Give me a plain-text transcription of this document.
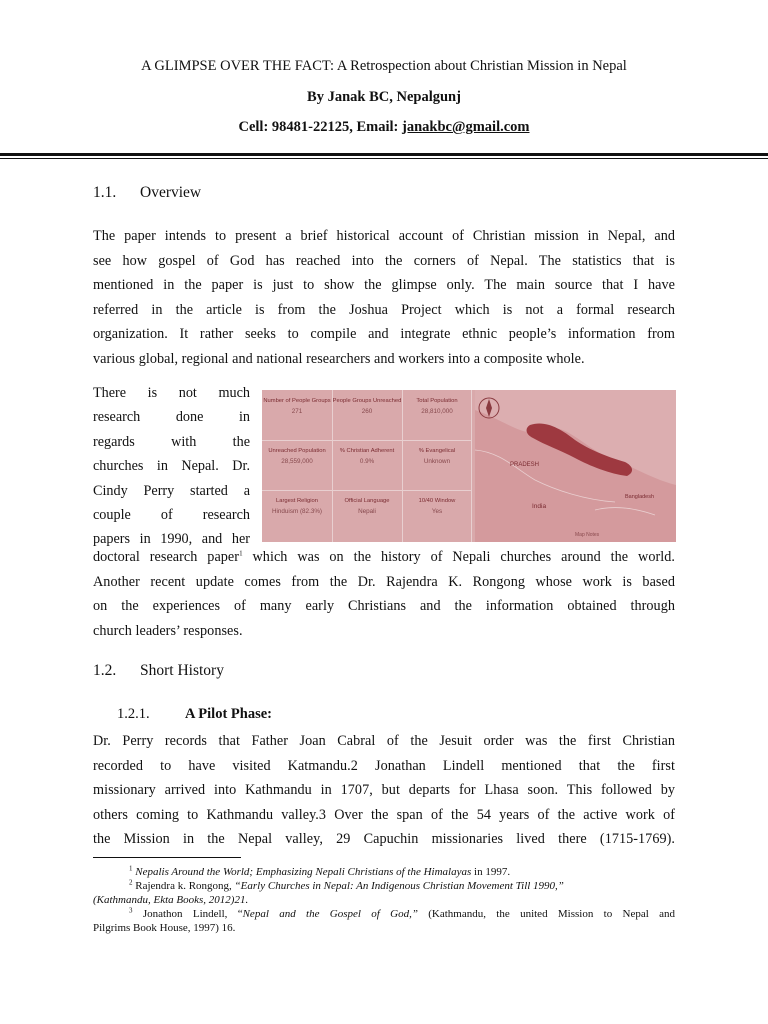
A GLIMPSE OVER THE FACT: A Retrospection about Christian Mission in Nepal
By Janak BC, Nepalgunj
Cell: 98481-22125, Email: janakbc@gmail.com
1.1. Overview
The paper intends to present a brief historical account of Christian mission in Nepal, and
see how gospel of God has reached into the corners of Nepal. The statistics that is
mentioned in the paper is just to show the glimpse only. The main source that I have
referred in the article is from the Joshua Project which is not a formal research
organization. It rather seeks to compile and integrate ethnic people’s information from
various global, regional and national researchers and workers into a composite whole.
There is not much
research done in
regards with the
churches in Nepal. Dr.
Cindy Perry started a
couple of research
papers in 1990, and her
Number of People Groups
271
People Groups Unreached
260
Total Population
28,810,000
Unreached Population
28,559,000
% Christian Adherent
0.9%
% Evangelical
Unknown
Largest Religion
Hinduism (82.3%)
Official Language
Nepali
10/40 Window
Yes
PRADESH
India
Bangladesh
Map Notes
doctoral research paper$^1$ which was on the history of Nepali churches around the world.
Another recent update comes from the Dr. Rajendra K. Rongong whose work is based
on the experiences of many early Christians and the information obtained through
church leaders’ responses.
1.2. Short History
1.2.1. A Pilot Phase:
Dr. Perry records that Father Joan Cabral of the Jesuit order was the first Christian
recorded to have visited Katmandu.2 Jonathan Lindell mentioned that the first
missionary arrived into Kathmandu in 1707, but departs for Lhasa soon. This followed by
others coming to Kathmandu valley.3 Over the span of the 54 years of the active work of
the Mission in the Nepal valley, 29 Capuchin missionaries lived there (1715-1769).
$^1$ Nepalis Around the World; Emphasizing Nepali Christians of the Himalayas in 1997.
$^2$ Rajendra k. Rongong, “Early Churches in Nepal: An Indigenous Christian Movement Till 1990,”
(Kathmandu, Ekta Books, 2012)21.
$^3$ Jonathon Lindell, “Nepal and the Gospel of God,” (Kathmandu, the united Mission to Nepal and
Pilgrims Book House, 1997) 16.
